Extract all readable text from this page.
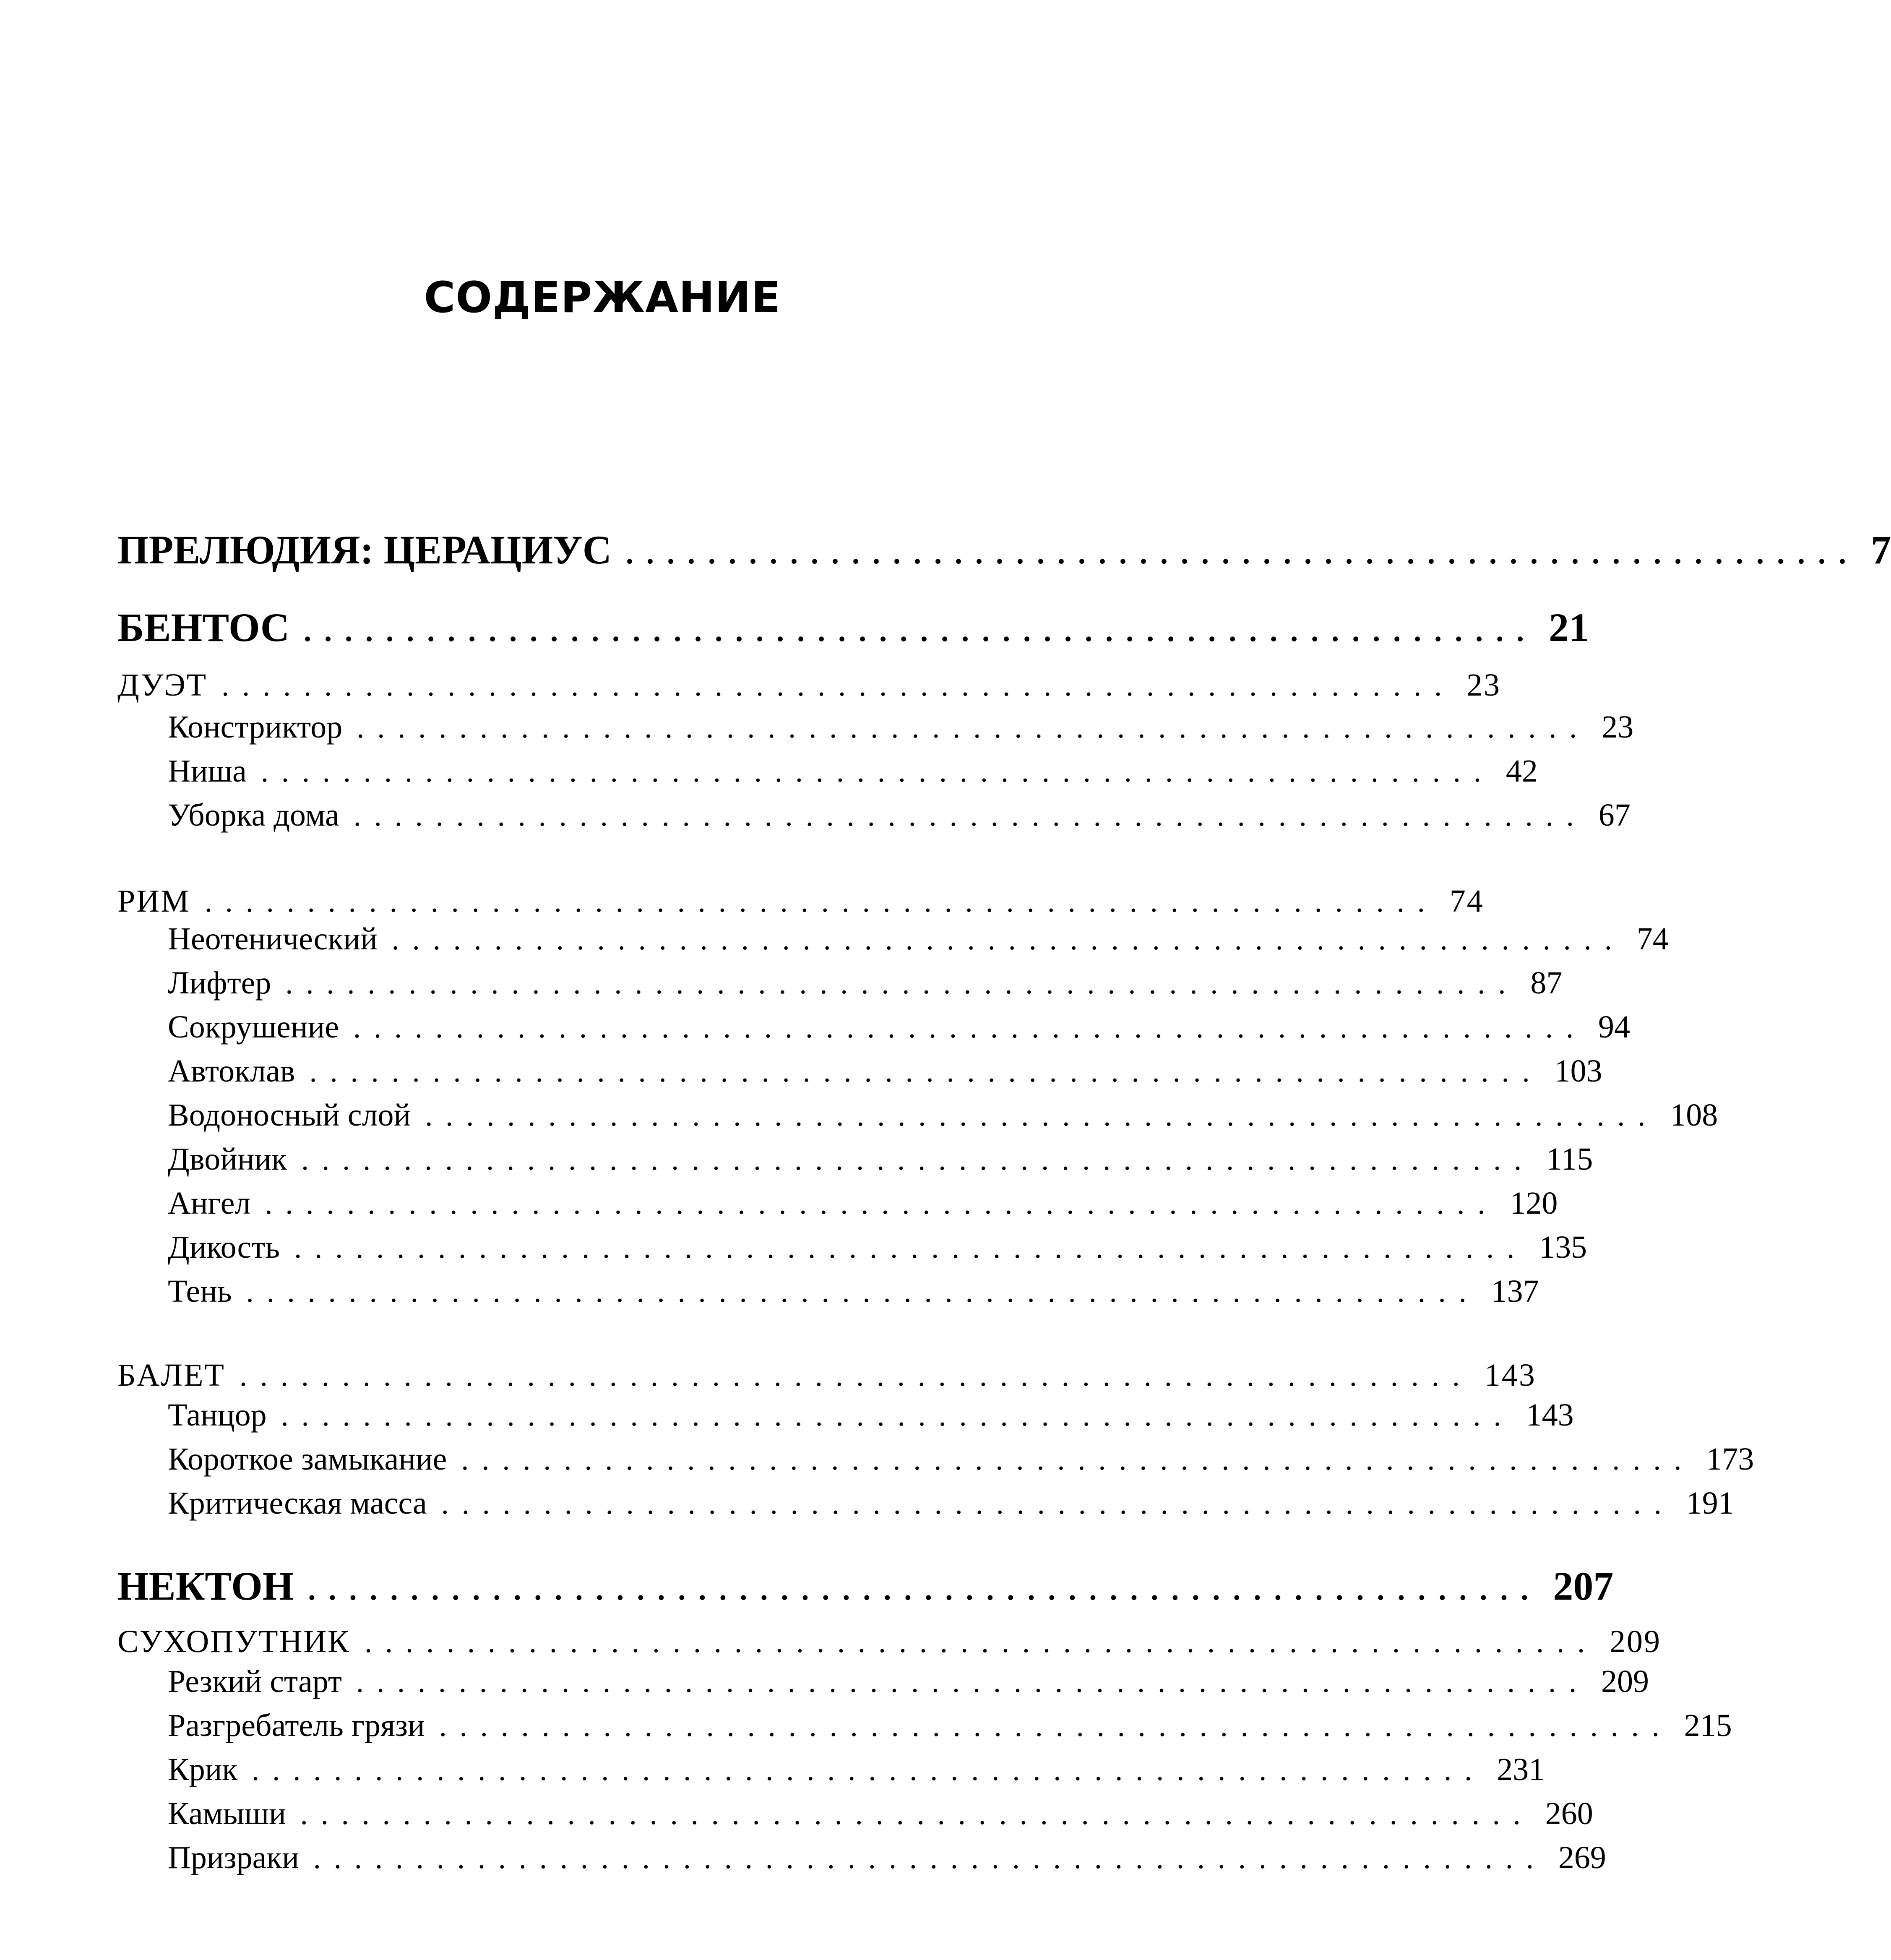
СОДЕРЖАНИЕ
ПРЕЛЮДИЯ: ЦЕРАЦИУС ............................................................ 7
БЕНТОС ............................................................ 21
ДУЭТ ............................................................ 23
Констриктор ............................................................ 23
Ниша ............................................................ 42
Уборка дома ............................................................ 67
РИМ ............................................................ 74
Неотенический ............................................................ 74
Лифтер ............................................................ 87
Сокрушение ............................................................ 94
Автоклав ............................................................ 103
Водоносный слой ............................................................ 108
Двойник ............................................................ 115
Ангел ............................................................ 120
Дикость ............................................................ 135
Тень ............................................................ 137
БАЛЕТ ............................................................ 143
Танцор ............................................................ 143
Короткое замыкание ............................................................ 173
Критическая масса ............................................................ 191
НЕКТОН ............................................................ 207
СУХОПУТНИК ............................................................ 209
Резкий старт ............................................................ 209
Разгребатель грязи ............................................................ 215
Крик ............................................................ 231
Камыши ............................................................ 260
Призраки ............................................................ 269
